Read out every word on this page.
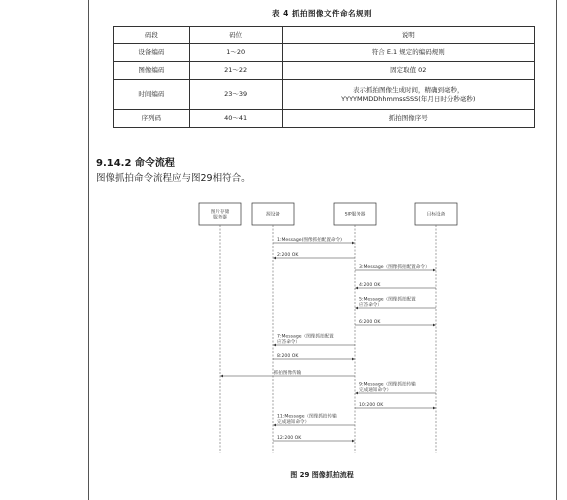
表 4 抓拍图像文件命名规则
码段	码位	说明
设备编码	1～20	符合 E.1 规定的编码规则
图像编码	21～22	固定取值 02
时间编码	23～39	表示抓拍图像生成时间，精确到毫秒，
YYYYMMDDhhmmssSSS(年月日时分秒毫秒)

序列码	40～41	抓拍图像序号
9.14.2 命令流程
图像抓拍命令流程应与图29相符合。
图片存储
服务器
源设备	SIP服务器	目标设备
1:Message(图像抓拍配置命令)
2:200 OK
3:Message（图像抓拍配置命令）
4:200 OK
5:Message（图像抓拍配置
应答命令）
6:200 OK
7:Message（图像抓拍配置
应答命令）
8:200 OK
抓拍图像传输
9:Message（图像抓拍传输
完成通知命令）
10:200 OK
11:Message（图像抓拍传输
完成通知命令）
12:200 OK
图 29 图像抓拍流程
